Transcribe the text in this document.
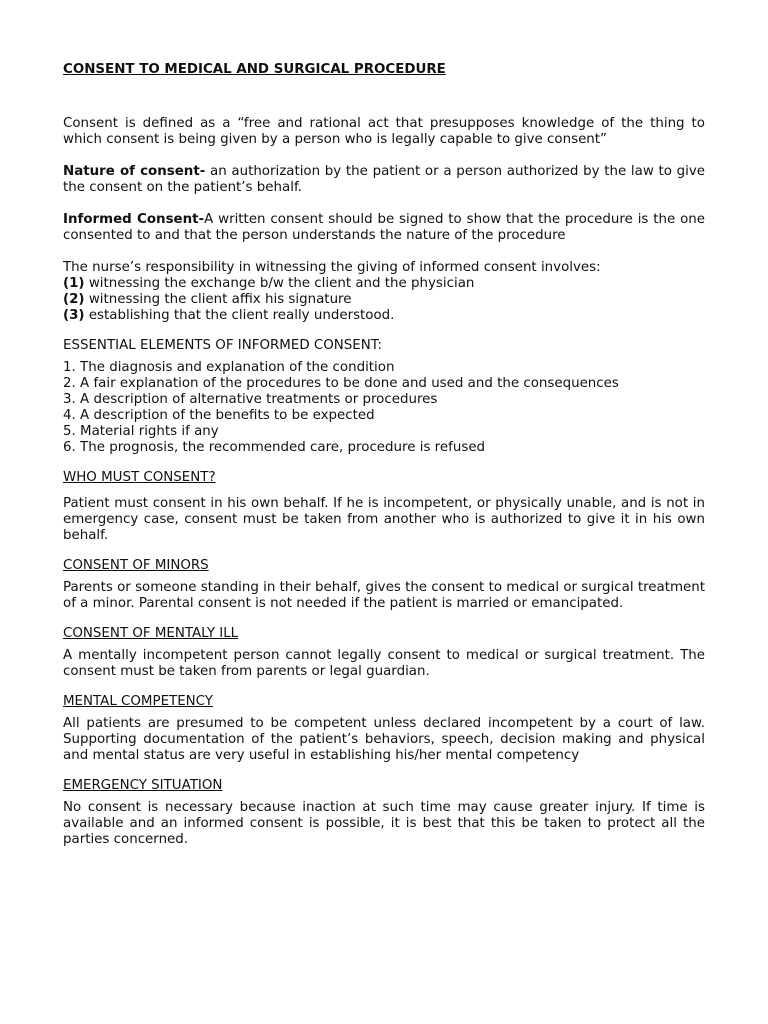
CONSENT TO MEDICAL AND SURGICAL PROCEDURE

Consent is defined as a “free and rational act that presupposes knowledge of the thing to which consent is being given by a person who is legally capable to give consent”

Nature of consent- an authorization by the patient or a person authorized by the law to give the consent on the patient’s behalf.

Informed Consent-A written consent should be signed to show that the procedure is the one consented to and that the person understands the nature of the procedure

The nurse’s responsibility in witnessing the giving of informed consent involves:
(1) witnessing the exchange b/w the client and the physician
(2) witnessing the client affix his signature
(3) establishing that the client really understood.
ESSENTIAL ELEMENTS OF INFORMED CONSENT:
1. The diagnosis and explanation of the condition
2. A fair explanation of the procedures to be done and used and the consequences
3. A description of alternative treatments or procedures
4. A description of the benefits to be expected
5. Material rights if any
6. The prognosis, the recommended care, procedure is refused
WHO MUST CONSENT?

Patient must consent in his own behalf. If he is incompetent, or physically unable, and is not in emergency case, consent must be taken from another who is authorized to give it in his own behalf.

CONSENT OF MINORS

Parents or someone standing in their behalf, gives the consent to medical or surgical treatment of a minor. Parental consent is not needed if the patient is married or emancipated.

CONSENT OF MENTALY ILL

A mentally incompetent person cannot legally consent to medical or surgical treatment. The consent must be taken from parents or legal guardian.

MENTAL COMPETENCY

All patients are presumed to be competent unless declared incompetent by a court of law. Supporting documentation of the patient’s behaviors, speech, decision making and physical and mental status are very useful in establishing his/her mental competency

EMERGENCY SITUATION

No consent is necessary because inaction at such time may cause greater injury. If time is available and an informed consent is possible, it is best that this be taken to protect all the parties concerned.
